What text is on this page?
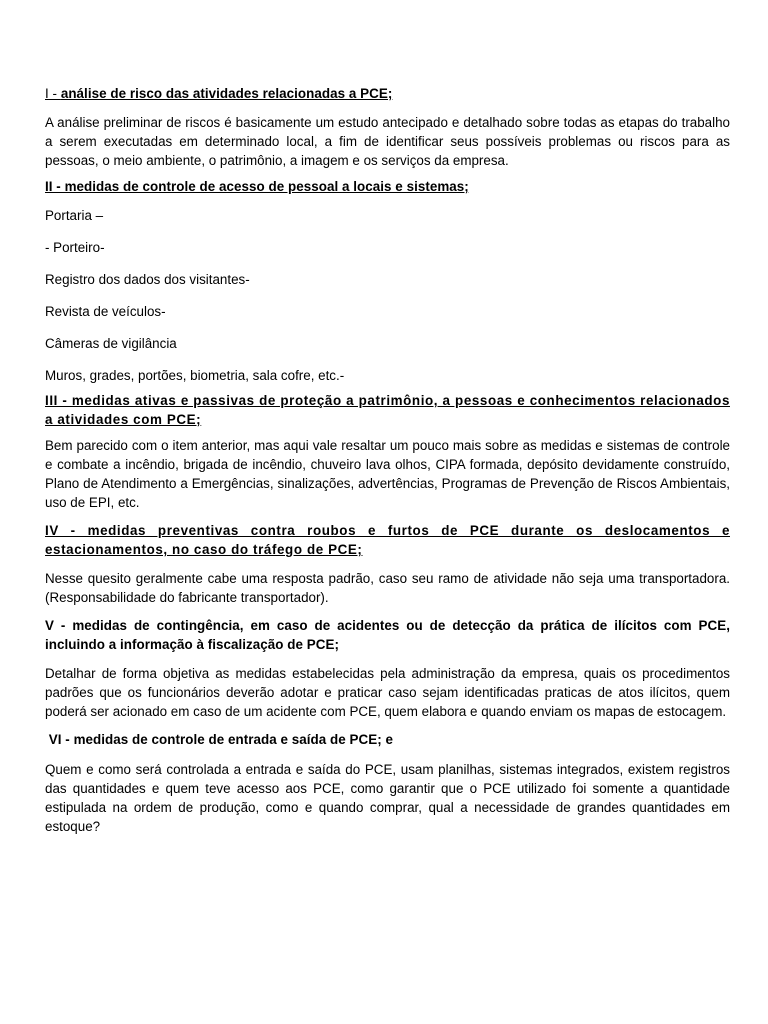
I - análise de risco das atividades relacionadas a PCE;

A análise preliminar de riscos é basicamente um estudo antecipado e detalhado sobre todas as etapas do trabalho a serem executadas em determinado local, a fim de identificar seus possíveis problemas ou riscos para as pessoas, o meio ambiente, o patrimônio, a imagem e os serviços da empresa.

II - medidas de controle de acesso de pessoal a locais e sistemas;

Portaria –

- Porteiro-

Registro dos dados dos visitantes-

Revista de veículos-

Câmeras de vigilância

Muros, grades, portões, biometria, sala cofre, etc.-

III - medidas ativas e passivas de proteção a patrimônio, a pessoas e conhecimentos relacionados a atividades com PCE;

Bem parecido com o item anterior, mas aqui vale resaltar um pouco mais sobre as medidas e sistemas de controle e combate a incêndio, brigada de incêndio, chuveiro lava olhos, CIPA formada, depósito devidamente construído, Plano de Atendimento a Emergências, sinalizações, advertências, Programas de Prevenção de Riscos Ambientais, uso de EPI, etc.

IV - medidas preventivas contra roubos e furtos de PCE durante os deslocamentos e estacionamentos, no caso do tráfego de PCE;

Nesse quesito geralmente cabe uma resposta padrão, caso seu ramo de atividade não seja uma transportadora. (Responsabilidade do fabricante transportador).

V - medidas de contingência, em caso de acidentes ou de detecção da prática de ilícitos com PCE, incluindo a informação à fiscalização de PCE;

Detalhar de forma objetiva as medidas estabelecidas pela administração da empresa, quais os procedimentos padrões que os funcionários deverão adotar e praticar caso sejam identificadas praticas de atos ilícitos, quem poderá ser acionado em caso de um acidente com PCE, quem elabora e quando enviam os mapas de estocagem.

VI - medidas de controle de entrada e saída de PCE; e

Quem e como será controlada a entrada e saída do PCE, usam planilhas, sistemas integrados, existem registros das quantidades e quem teve acesso aos PCE, como garantir que o PCE utilizado foi somente a quantidade estipulada na ordem de produção, como e quando comprar, qual a necessidade de grandes quantidades em estoque?
